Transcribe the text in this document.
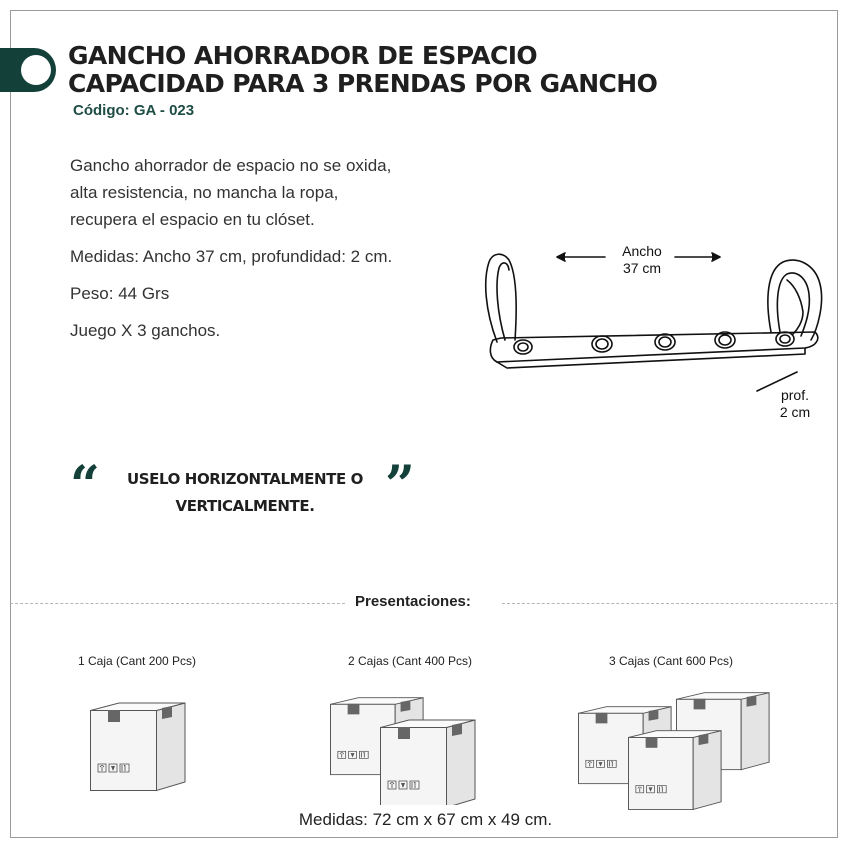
GANCHO AHORRADOR DE ESPACIO
CAPACIDAD PARA 3 PRENDAS POR GANCHO
Código: GA - 023

Gancho ahorrador de espacio no se oxida,
alta resistencia, no mancha la ropa,
recupera el espacio en tu clóset.

Medidas: Ancho 37 cm, profundidad: 2 cm.

Peso: 44 Grs

Juego X 3 ganchos.

Ancho
37 cm
prof.
2 cm
“	USELO HORIZONTALMENTE O
VERTICALMENTE.	”
Presentaciones:
1 Caja (Cant 200 Pcs)	2 Cajas (Cant 400 Pcs)	3 Cajas (Cant 600 Pcs)
Medidas: 72 cm x 67 cm x 49 cm.
